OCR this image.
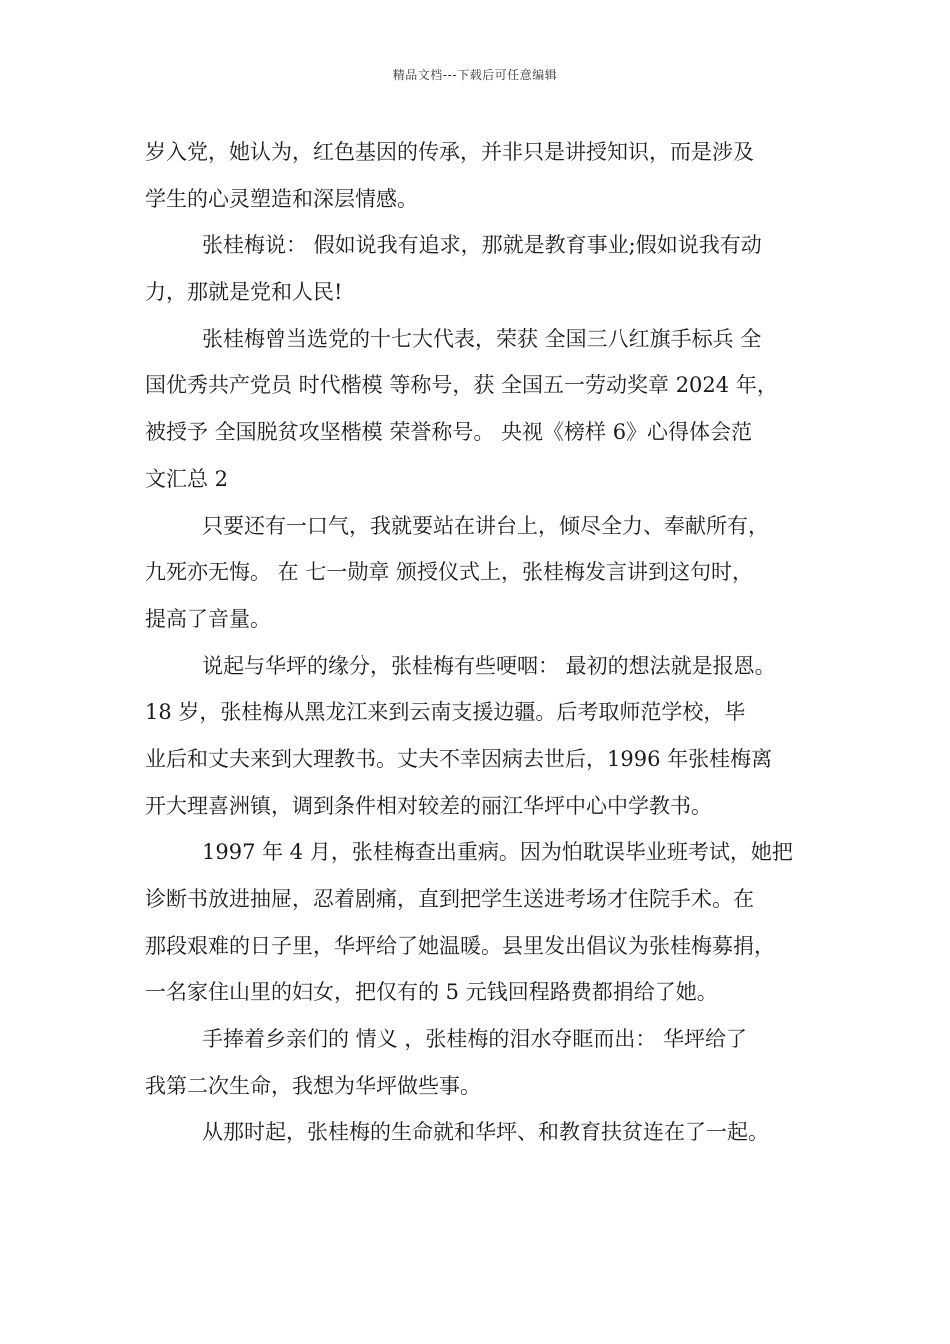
精品文档---下载后可任意编辑
岁入党，她认为，红色基因的传承，并非只是讲授知识，而是涉及
学生的心灵塑造和深层情感。
张桂梅说： 假如说我有追求，那就是教育事业;假如说我有动
力，那就是党和人民!
张桂梅曾当选党的十七大代表，荣获 全国三八红旗手标兵 全
国优秀共产党员 时代楷模 等称号，获 全国五一劳动奖章 2024 年，
被授予 全国脱贫攻坚楷模 荣誉称号。 央视《榜样 6》心得体会范
文汇总 2
只要还有一口气，我就要站在讲台上，倾尽全力、奉献所有，
九死亦无悔。 在 七一勋章 颁授仪式上，张桂梅发言讲到这句时，
提高了音量。
说起与华坪的缘分，张桂梅有些哽咽： 最初的想法就是报恩。
18 岁，张桂梅从黑龙江来到云南支援边疆。后考取师范学校，毕
业后和丈夫来到大理教书。丈夫不幸因病去世后，1996 年张桂梅离
开大理喜洲镇，调到条件相对较差的丽江华坪中心中学教书。
1997 年 4 月，张桂梅查出重病。因为怕耽误毕业班考试，她把
诊断书放进抽屉，忍着剧痛，直到把学生送进考场才住院手术。在
那段艰难的日子里，华坪给了她温暖。县里发出倡议为张桂梅募捐，
一名家住山里的妇女，把仅有的 5 元钱回程路费都捐给了她。
手捧着乡亲们的 情义 ，张桂梅的泪水夺眶而出： 华坪给了
我第二次生命，我想为华坪做些事。
从那时起，张桂梅的生命就和华坪、和教育扶贫连在了一起。
